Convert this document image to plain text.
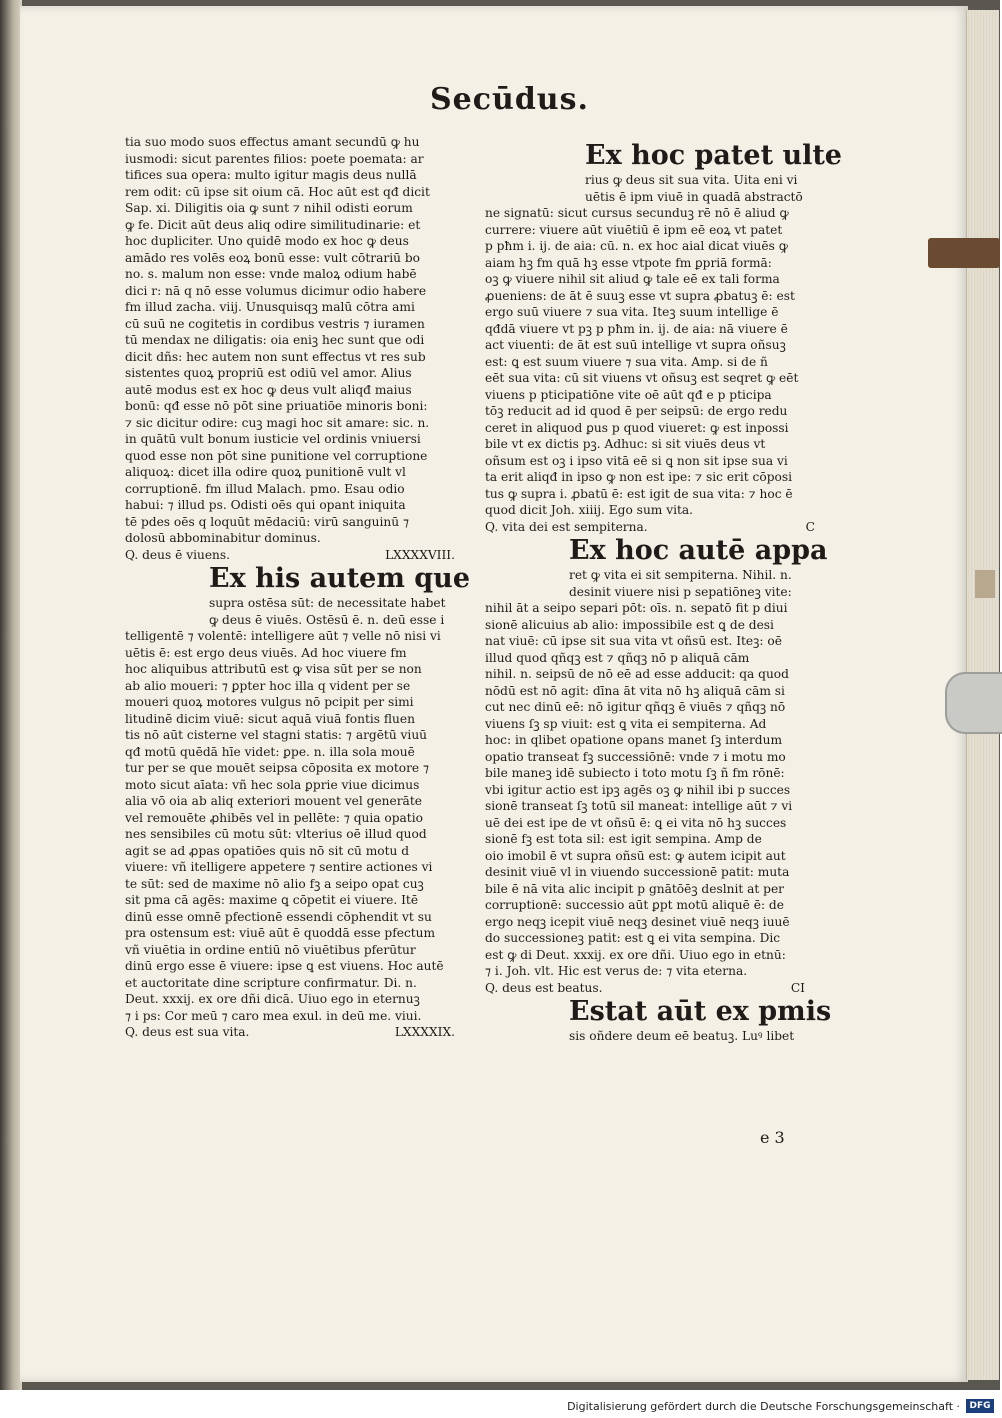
Secūdus.
tia suo modo suos effectus amant secundū ꝙ hu
iusmodi: sicut parentes filios: poete poemata: ar
tifices sua opera: multo igitur magis deus nullā
rem odit: cū ipse sit oium cā. Hoc aūt est qđ dicit
Sap. xi. Diligitis oia ꝙ sunt ⁊ nihil odisti eorum
ꝙ fe. Dicit aūt deus aliq odire similitudinarie: et
hoc dupliciter. Uno quidē modo ex hoc ꝙ deus
amādo res volēs eoꝝ bonū esse: vult cōtrariū bo
no. s. malum non esse: vnde maloꝝ odium habē
dici r: nā q nō esse volumus dicimur odio habere
fm illud zacha. viij. Unusquisqꝫ malū cōtra ami
cū suū ne cogitetis in cordibus vestris ⁊ iuramen
tū mendax ne diligatis: oia eniꝫ hec sunt que odi
dicit dñs: hec autem non sunt effectus vt res sub
sistentes quoꝝ propriū est odiū vel amor. Alius
autē modus est ex hoc ꝙ deus vult aliqđ maius
bonū: qđ esse nō pōt sine priuatiōe minoris boni:
⁊ sic dicitur odire: cuꝫ magi hoc sit amare: sic. n.
in quātū vult bonum iusticie vel ordinis vniuersi
quod esse non pōt sine punitione vel corruptione
aliquoꝝ: dicet illa odire quoꝝ punitionē vult vl
corruptionē. fm illud Malach. pmo. Esau odio
habui: ⁊ illud ps. Odisti oēs qui opant iniquita
tē pdes oēs q loquūt mēdaciū: virū sanguinū ⁊
dolosū abbominabitur dominus.
Q. deus ē viuens.	LXXXXVIII.
Ex his autem que
supra ostēsa sūt: de necessitate habet
ꝙ deus ē viuēs. Ostēsū ē. n. deū esse i
telligentē ⁊ volentē: intelligere aūt ⁊ velle nō nisi vi
uētis ē: est ergo deus viuēs. Ad hoc viuere fm
hoc aliquibus attributū est ꝙ visa sūt per se non
ab alio moueri: ⁊ ꝑpter hoc illa q vident per se
moueri quoꝝ motores vulgus nō pcipit per simi
litudinē dicim viuē: sicut aquā viuā fontis fluen
tis nō aūt cisterne vel stagni statis: ⁊ argētū viuū
qđ motū quēdā hīe videt: ꝑpe. n. illa sola mouē
tur per se que mouēt seipsa cōposita ex motore ⁊
moto sicut aīata: vñ hec sola ꝑprie viue dicimus
alia vō oia ab aliq exteriori mouent vel generāte
vel remouēte ꝓhibēs vel in pellēte: ⁊ quia opatio
nes sensibiles cū motu sūt: vlterius oē illud quod
agit se ad ꝓpas opatiōes quis nō sit cū motu d
viuere: vñ itelligere appetere ⁊ sentire actiones vi
te sūt: sed de maxime nō alio fꝫ a seipo opat cuꝫ
sit pma cā agēs: maxime ꝗ cōpetit ei viuere. Itē
dinū esse omnē pfectionē essendi cōphendit vt su
pra ostensum est: viuē aūt ē quoddā esse pfectum
vñ viuētia in ordine entiū nō viuētibus pferūtur
dinū ergo esse ē viuere: ipse ꝗ est viuens. Hoc autē
et auctoritate dine scripture confirmatur. Di. n.
Deut. xxxij. ex ore dñi dicā. Uiuo ego in eternuꝫ
⁊ i ps: Cor meū ⁊ caro mea exul. in deū me. viui.
Q. deus est sua vita.	LXXXXIX.
Ex hoc patet ulte
rius ꝙ deus sit sua vita. Uita eni vi
uētis ē ipm viuē in quadā abstractō
ne signatū: sicut cursus secunduꝫ rē nō ē aliud ꝙ
currere: viuere aūt viuētiū ē ipm eē eoꝝ vt patet
p pħm i. ij. de aia: cū. n. ex hoc aial dicat viuēs ꝙ
aiam hꝫ fm quā hꝫ esse vtpote fm ꝑpriā formā:
oꝫ ꝙ viuere nihil sit aliud ꝙ tale eē ex tali forma
ꝓueniens: de āt ē suuꝫ esse vt supra ꝓbatuꝫ ē: est
ergo suū viuere ⁊ sua vita. Iteꝫ suum intellige ē
qđdā viuere vt pꝫ p pħm in. ij. de aia: nā viuere ē
act viuenti: de āt est suū intellige vt supra oñsuꝫ
est: ꝗ est suum viuere ⁊ sua vita. Amp. si de ñ
eēt sua vita: cū sit viuens vt oñsuꝫ est seqret ꝙ eēt
viuens p pticipatiōne vite oē aūt qđ e p pticipa
tōꝫ reducit ad id quod ē per seipsū: de ergo redu
ceret in aliquod ꝑus p quod viueret: ꝙ est inpossi
bile vt ex dictis pꝫ. Adhuc: si sit viuēs deus vt
oñsum est oꝫ i ipso vitā eē si ꝗ non sit ipse sua vi
ta erit aliqđ in ipso ꝙ non est ipe: ⁊ sic erit cōposi
tus ꝙ supra i. ꝓbatū ē: est igit de sua vita: ⁊ hoc ē
quod dicit Joh. xiiij. Ego sum vita.
Q. vita dei est sempiterna.	C
Ex hoc autē appa
ret ꝙ vita ei sit sempiterna. Nihil. n.
desinit viuere nisi p sepatiōneꝫ vite:
nihil āt a seipo separi pōt: oīs. n. sepatō fit p diui
sionē alicuius ab alio: impossibile est ꝗ de desi
nat viuē: cū ipse sit sua vita vt oñsū est. Iteꝫ: oē
illud quod qñqꝫ est ⁊ qñqꝫ nō p aliquā cām
nihil. n. seipsū de nō eē ad esse adducit: qa quod
nōdū est nō agit: dīna āt vita nō hꝫ aliquā cām si
cut nec dinū eē: nō igitur qñqꝫ ē viuēs ⁊ qñqꝫ nō
viuens ſꝫ sp viuit: est ꝗ vita ei sempiterna. Ad
hoc: in qlibet opatione opans manet ſꝫ interdum
opatio transeat fꝫ successiōnē: vnde ⁊ i motu mo
bile maneꝫ idē subiecto i toto motu ſꝫ ñ fm rōnē:
vbi igitur actio est ipꝫ agēs oꝫ ꝙ nihil ibi p succes
sionē transeat ſꝫ totū sil maneat: intellige aūt ⁊ vi
uē dei est ipe de vt oñsū ē: ꝗ ei vita nō hꝫ succes
sionē fꝫ est tota sil: est igit sempina. Amp de
oio imobil ē vt supra oñsū est: ꝙ autem icipit aut
desinit viuē vl in viuendo successionē patit: muta
bile ē nā vita alic incipit p gnātōēꝫ deslnit at per
corruptionē: successio aūt ꝑpt motū aliquē ē: de
ergo neqꝫ icepit viuē neqꝫ desinet viuē neqꝫ iuuē
do successioneꝫ patit: est ꝗ ei vita sempina. Dic
est ꝙ di Deut. xxxij. ex ore dñi. Uiuo ego in etnū:
⁊ i. Joh. vlt. Hic est verus de: ⁊ vita eterna.
Q. deus est beatus.	CI
Estat aūt ex pmis
sis oñdere deum eē beatuꝫ. Luꝰ libet
e 3
Digitalisierung gefördert durch die Deutsche Forschungsgemeinschaft ·	DFG
